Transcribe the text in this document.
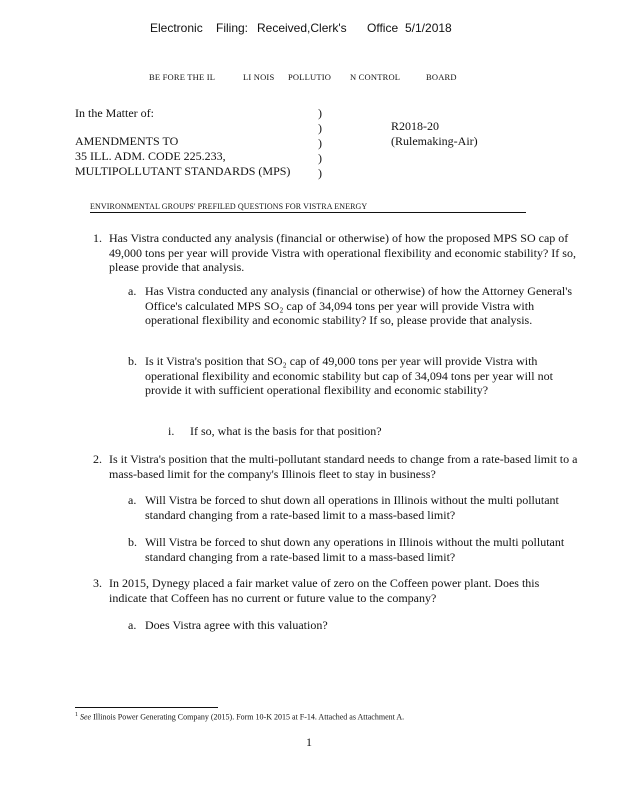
Electronic Filing: Received,Clerk's Office 5/1/2018
BE FORE THE IL	LI NOIS POLLUTIO N CONTROL	BOARD
In the Matter of:
AMENDMENTS TO
35 ILL. ADM. CODE 225.233,
MULTIPOLLUTANT STANDARDS (MPS)
)
)
)
)
)
R2018-20
(Rulemaking-Air)
ENVIRONMENTAL GROUPS' PREFILED QUESTIONS FOR VISTRA ENERGY
1. Has Vistra conducted any analysis (financial or otherwise) of how the proposed MPS SO cap of 49,000 tons per year will provide Vistra with operational flexibility and economic stability? If so, please provide that analysis.
a. Has Vistra conducted any analysis (financial or otherwise) of how the Attorney General's Office's calculated MPS SO₂ cap of 34,094 tons per year will provide Vistra with operational flexibility and economic stability? If so, please provide that analysis.
b. Is it Vistra's position that SO₂ cap of 49,000 tons per year will provide Vistra with operational flexibility and economic stability but cap of 34,094 tons per year will not provide it with sufficient operational flexibility and economic stability?
i. If so, what is the basis for that position?
2. Is it Vistra's position that the multi-pollutant standard needs to change from a rate-based limit to a mass-based limit for the company's Illinois fleet to stay in business?
a. Will Vistra be forced to shut down all operations in Illinois without the multi pollutant standard changing from a rate-based limit to a mass-based limit?
b. Will Vistra be forced to shut down any operations in Illinois without the multi pollutant standard changing from a rate-based limit to a mass-based limit?
3. In 2015, Dynegy placed a fair market value of zero on the Coffeen power plant. Does this indicate that Coffeen has no current or future value to the company?
a. Does Vistra agree with this valuation?
$^1$ See Illinois Power Generating Company (2015). Form 10-K 2015 at F-14. Attached as Attachment A.
1
